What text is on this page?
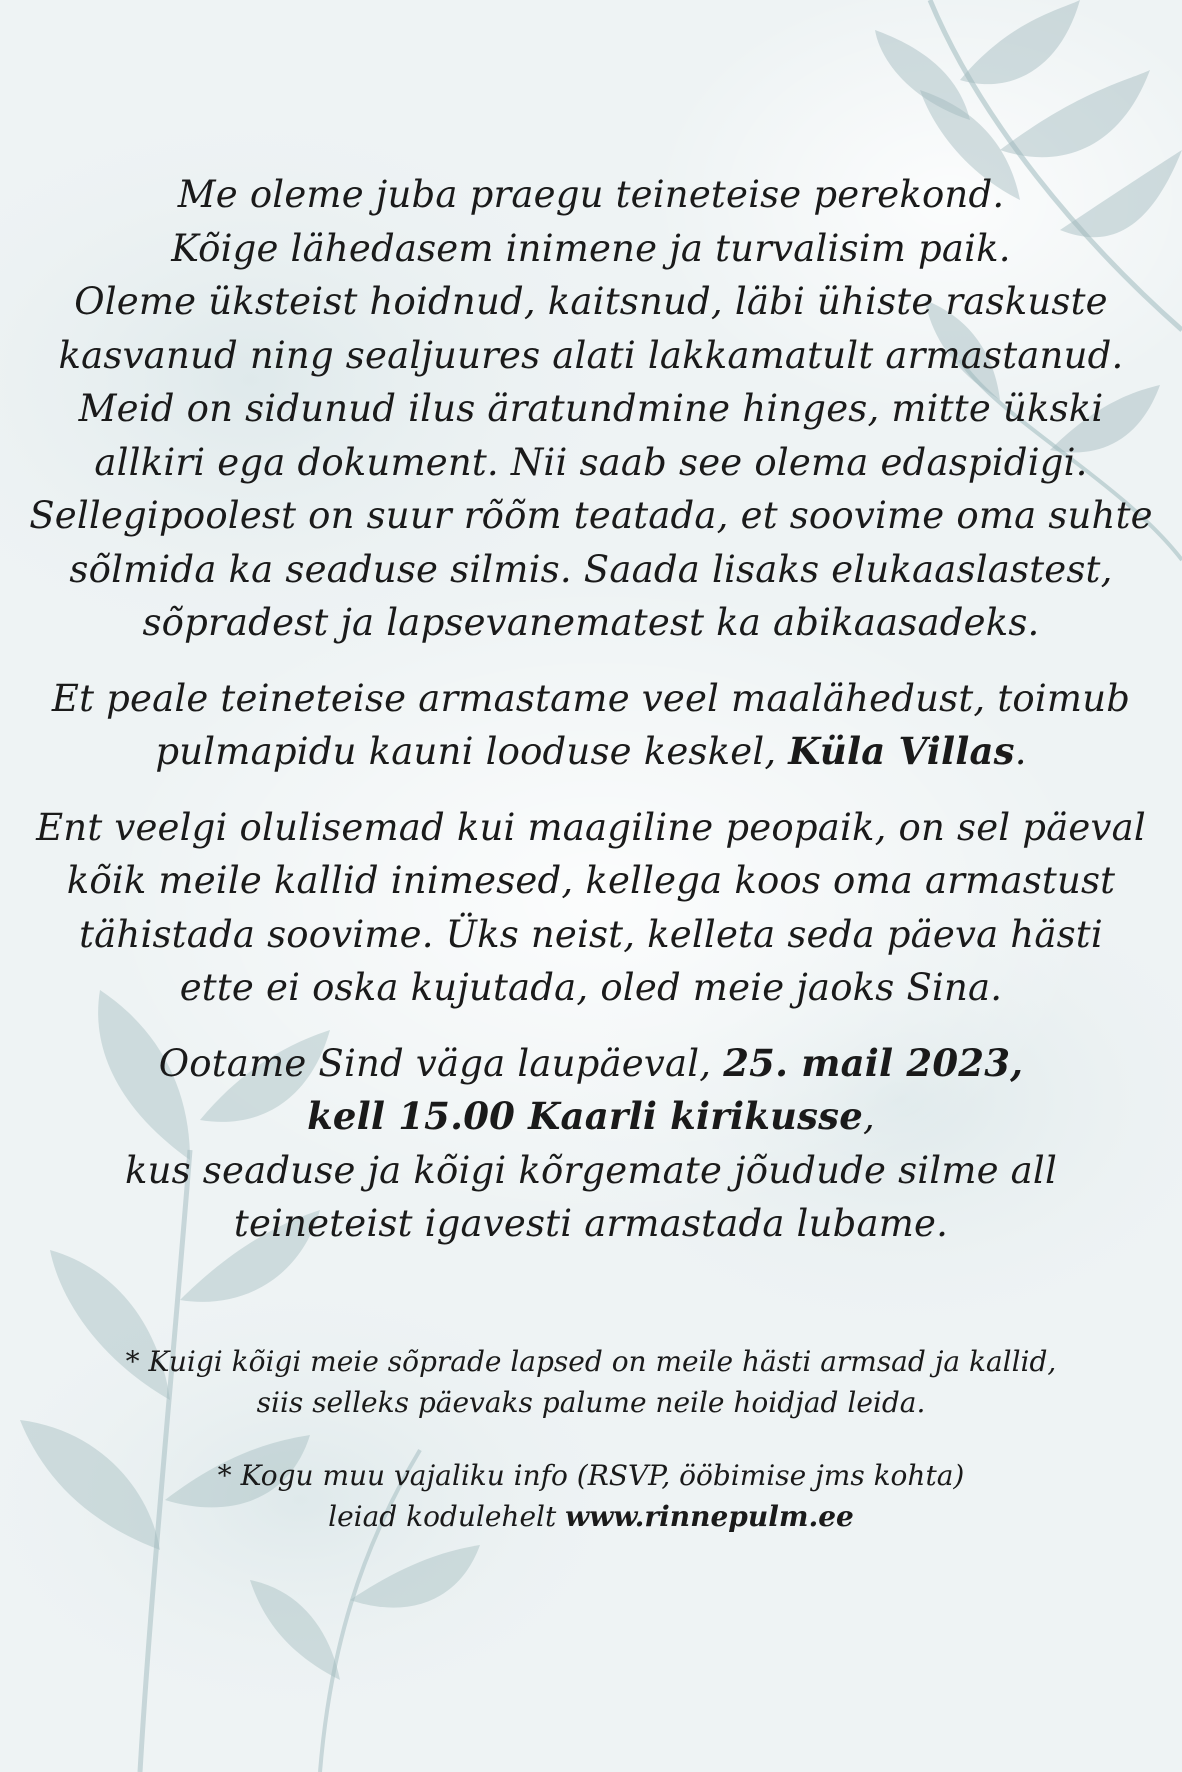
Me oleme juba praegu teineteise perekond.
Kõige lähedasem inimene ja turvalisim paik.
Oleme üksteist hoidnud, kaitsnud, läbi ühiste raskuste
kasvanud ning sealjuures alati lakkamatult armastanud.
Meid on sidunud ilus äratundmine hinges, mitte ükski
allkiri ega dokument. Nii saab see olema edaspidigi.
Sellegipoolest on suur rõõm teatada, et soovime oma suhte
sõlmida ka seaduse silmis. Saada lisaks elukaaslastest,
sõpradest ja lapsevanematest ka abikaasadeks.
Et peale teineteise armastame veel maalähedust, toimub
pulmapidu kauni looduse keskel, Küla Villas.
Ent veelgi olulisemad kui maagiline peopaik, on sel päeval
kõik meile kallid inimesed, kellega koos oma armastust
tähistada soovime. Üks neist, kelleta seda päeva hästi
ette ei oska kujutada, oled meie jaoks Sina.
Ootame Sind väga laupäeval, 25. mail 2023,
kell 15.00 Kaarli kirikusse,
kus seaduse ja kõigi kõrgemate jõudude silme all
teineteist igavesti armastada lubame.
* Kuigi kõigi meie sõprade lapsed on meile hästi armsad ja kallid,
siis selleks päevaks palume neile hoidjad leida.
* Kogu muu vajaliku info (RSVP, ööbimise jms kohta)
leiad kodulehelt www.rinnepulm.ee
